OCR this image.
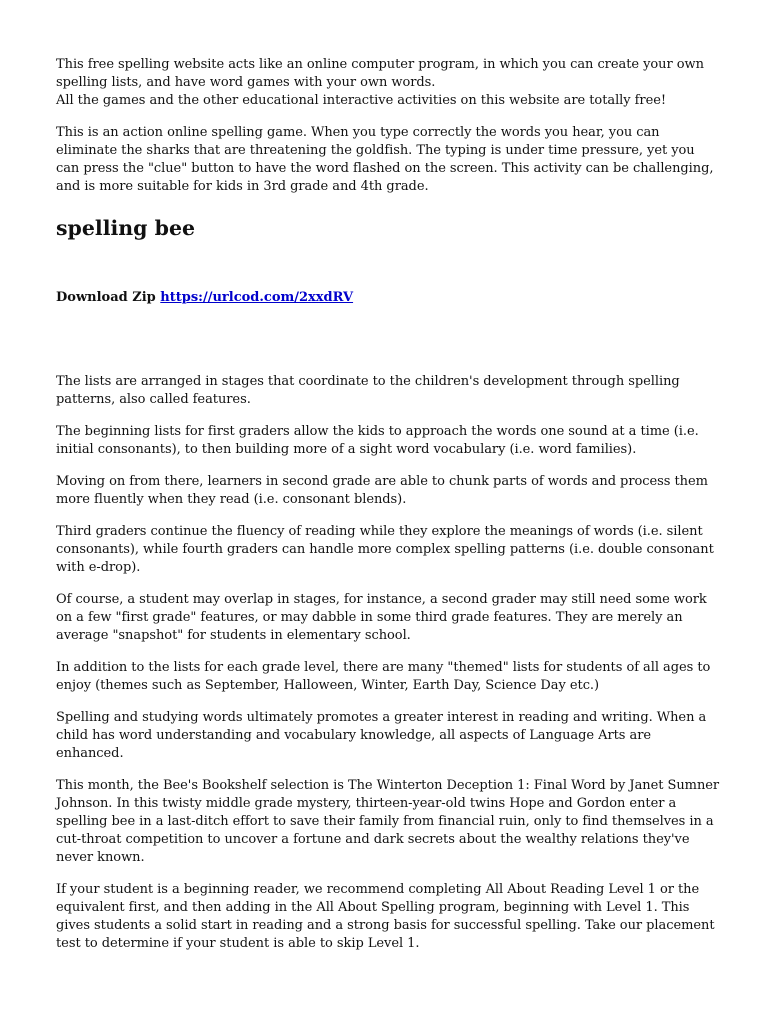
This free spelling website acts like an online computer program, in which you can create your own spelling lists, and have word games with your own words.
All the games and the other educational interactive activities on this website are totally free!

This is an action online spelling game. When you type correctly the words you hear, you can eliminate the sharks that are threatening the goldfish. The typing is under time pressure, yet you can press the "clue" button to have the word flashed on the screen. This activity can be challenging, and is more suitable for kids in 3rd grade and 4th grade.

spelling bee
Download Zip https://urlcod.com/2xxdRV

The lists are arranged in stages that coordinate to the children's development through spelling patterns, also called features.

The beginning lists for first graders allow the kids to approach the words one sound at a time (i.e. initial consonants), to then building more of a sight word vocabulary (i.e. word families).

Moving on from there, learners in second grade are able to chunk parts of words and process them more fluently when they read (i.e. consonant blends).

Third graders continue the fluency of reading while they explore the meanings of words (i.e. silent consonants), while fourth graders can handle more complex spelling patterns (i.e. double consonant with e-drop).

Of course, a student may overlap in stages, for instance, a second grader may still need some work on a few "first grade" features, or may dabble in some third grade features. They are merely an average "snapshot" for students in elementary school.

In addition to the lists for each grade level, there are many "themed" lists for students of all ages to enjoy (themes such as September, Halloween, Winter, Earth Day, Science Day etc.)

Spelling and studying words ultimately promotes a greater interest in reading and writing. When a child has word understanding and vocabulary knowledge, all aspects of Language Arts are enhanced.

This month, the Bee's Bookshelf selection is The Winterton Deception 1: Final Word by Janet Sumner Johnson. In this twisty middle grade mystery, thirteen-year-old twins Hope and Gordon enter a spelling bee in a last-ditch effort to save their family from financial ruin, only to find themselves in a cut-throat competition to uncover a fortune and dark secrets about the wealthy relations they've never known.

If your student is a beginning reader, we recommend completing All About Reading Level 1 or the equivalent first, and then adding in the All About Spelling program, beginning with Level 1. This gives students a solid start in reading and a strong basis for successful spelling. Take our placement test to determine if your student is able to skip Level 1.
